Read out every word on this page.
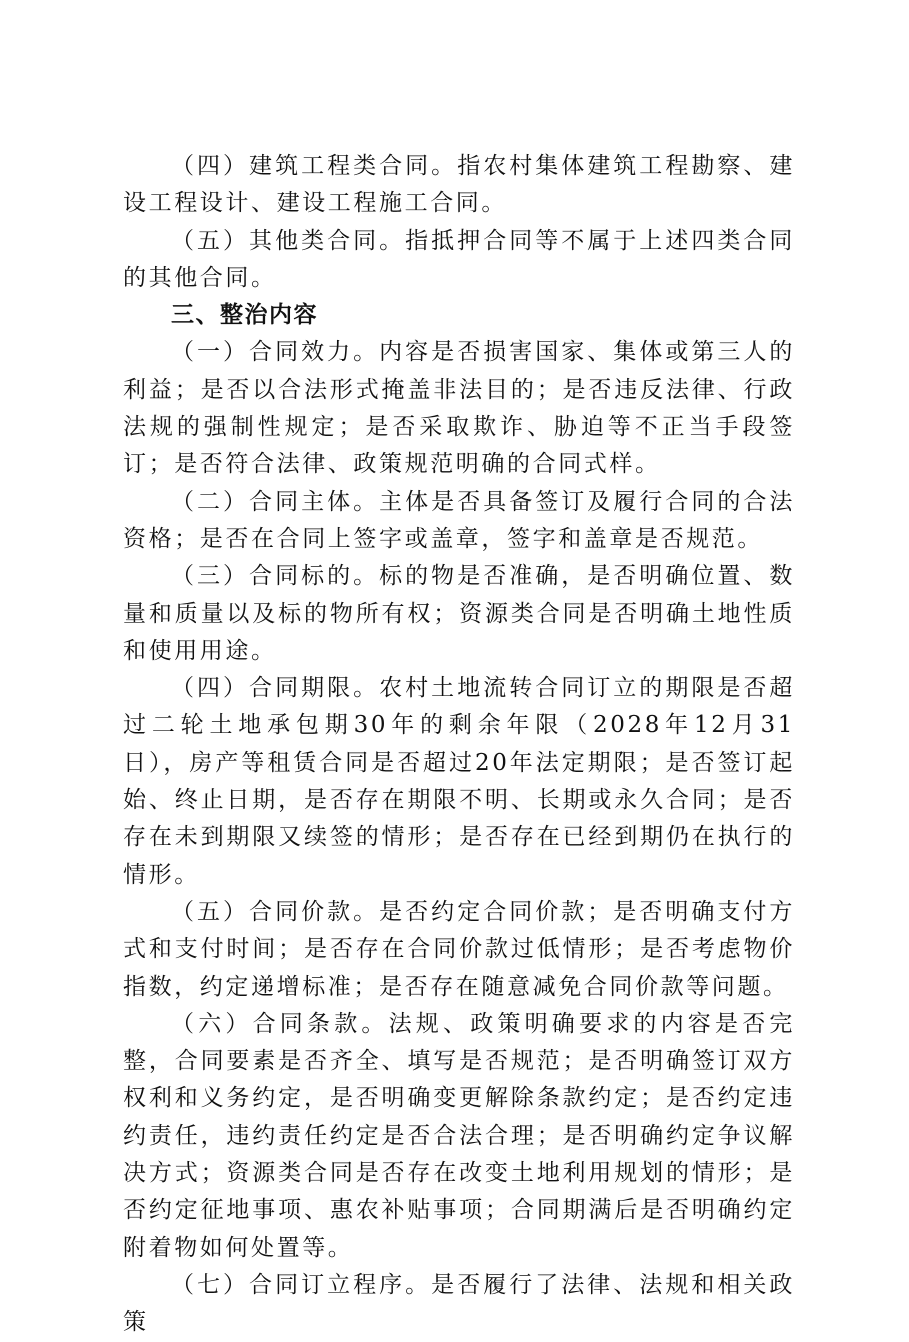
（四）建筑工程类合同。指农村集体建筑工程勘察、建设工程设计、建设工程施工合同。

（五）其他类合同。指抵押合同等不属于上述四类合同的其他合同。

三、整治内容

（一）合同效力。内容是否损害国家、集体或第三人的利益；是否以合法形式掩盖非法目的；是否违反法律、行政法规的强制性规定；是否采取欺诈、胁迫等不正当手段签订；是否符合法律、政策规范明确的合同式样。

（二）合同主体。主体是否具备签订及履行合同的合法资格；是否在合同上签字或盖章，签字和盖章是否规范。

（三）合同标的。标的物是否准确，是否明确位置、数量和质量以及标的物所有权；资源类合同是否明确土地性质和使用用途。

（四）合同期限。农村土地流转合同订立的期限是否超过二轮土地承包期30年的剩余年限（2028年12月31日），房产等租赁合同是否超过20年法定期限；是否签订起始、终止日期，是否存在期限不明、长期或永久合同；是否存在未到期限又续签的情形；是否存在已经到期仍在执行的情形。

（五）合同价款。是否约定合同价款；是否明确支付方式和支付时间；是否存在合同价款过低情形；是否考虑物价指数，约定递增标准；是否存在随意减免合同价款等问题。

（六）合同条款。法规、政策明确要求的内容是否完整，合同要素是否齐全、填写是否规范；是否明确签订双方权利和义务约定，是否明确变更解除条款约定；是否约定违约责任，违约责任约定是否合法合理；是否明确约定争议解决方式；资源类合同是否存在改变土地利用规划的情形；是否约定征地事项、惠农补贴事项；合同期满后是否明确约定附着物如何处置等。

（七）合同订立程序。是否履行了法律、法规和相关政策
